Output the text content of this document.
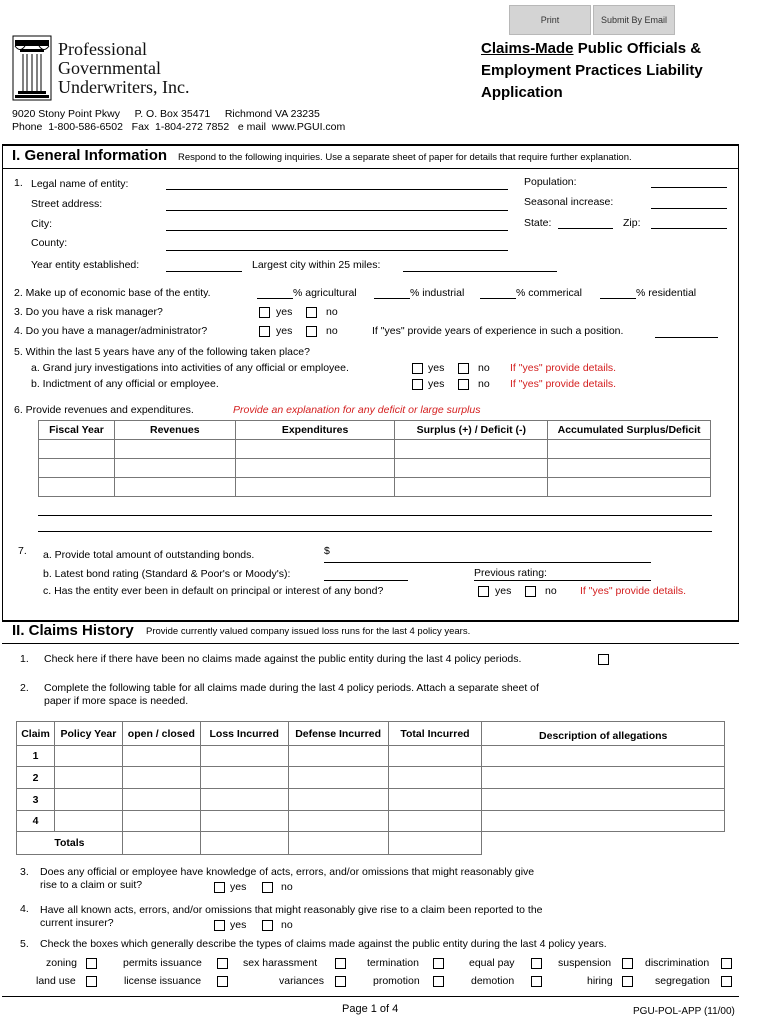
Print	Submit By Email
Professional
Governmental
Underwriters, Inc.
Claims-Made Public Officials &
Employment Practices Liability
Application
9020 Stony Point Pkwy     P. O. Box 35471     Richmond VA 23235
Phone  1-800-586-6502   Fax  1-804-272 7852   e mail  www.PGUI.com
I. General Information Respond to the following inquiries. Use a separate sheet of paper for details that require further explanation.
1. Legal name of entity:	Population:
Street address:	Seasonal increase:
City:	State:	Zip:
County:
Year entity established:	Largest city within 25 miles:
2. Make up of economic base of the entity.	% agricultural	% industrial	% commerical	% residential
3. Do you have a risk manager?	yes	no
4. Do you have a manager/administrator?	yes	no	If "yes" provide years of experience in such a position.
5. Within the last 5 years have any of the following taken place?
a. Grand jury investigations into activities of any official or employee.	yes	no If "yes" provide details.
b. Indictment of any official or employee.	yes	no If "yes" provide details.
6. Provide revenues and expenditures.	Provide an explanation for any deficit or large surplus
Fiscal Year	Revenues	Expenditures	Surplus (+) / Deficit (-)	Accumulated Surplus/Deficit

7. a. Provide total amount of outstanding bonds.	$
b. Latest bond rating (Standard & Poor's or Moody's):	Previous rating:
c. Has the entity ever been in default on principal or interest of any bond?	yes	no If "yes" provide details.
II. Claims History Provide currently valued company issued loss runs for the last 4 policy years.
1. Check here if there have been no claims made against the public entity during the last 4 policy periods.
2. Complete the following table for all claims made during the last 4 policy periods. Attach a separate sheet of
paper if more space is needed.
Claim	Policy Year	open / closed	Loss Incurred	Defense Incurred	Total Incurred	Description of allegations
1						
2						
3						
4						
Totals						
3. Does any official or employee have knowledge of acts, errors, and/or omissions that might reasonably give
rise to a claim or suit?	yes	no
4. Have all known acts, errors, and/or omissions that might reasonably give rise to a claim been reported to the
current insurer?	yes	no
5. Check the boxes which generally describe the types of claims made against the public entity during the last 4 policy years.
zoning	permits issuance	sex harassment	termination	equal pay	suspension	discrimination
land use	license issuance	variances	promotion	demotion	hiring	segregation
Page 1 of 4	PGU-POL-APP (11/00)
